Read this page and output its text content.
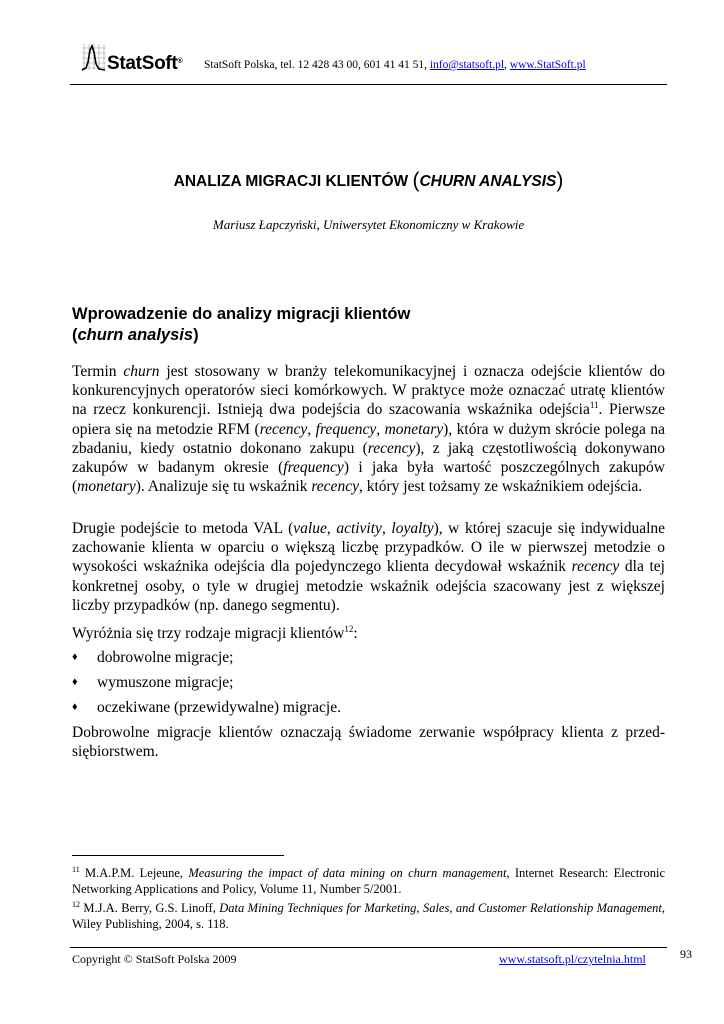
StatSoft® StatSoft Polska, tel. 12 428 43 00, 601 41 41 51, info@statsoft.pl, www.StatSoft.pl
ANALIZA MIGRACJI KLIENTÓW (CHURN ANALYSIS)
Mariusz Łapczyński, Uniwersytet Ekonomiczny w Krakowie
Wprowadzenie do analizy migracji klientów
(churn analysis)
Termin churn jest stosowany w branży telekomunikacyjnej i oznacza odejście klientów do konkurencyjnych operatorów sieci komórkowych. W praktyce może oznaczać utratę klientów na rzecz konkurencji. Istnieją dwa podejścia do szacowania wskaźnika odejścia$^{11}$. Pierwsze opiera się na metodzie RFM (recency, frequency, monetary), która w dużym skrócie polega na zbadaniu, kiedy ostatnio dokonano zakupu (recency), z jaką częstotliwością dokonywano zakupów w badanym okresie (frequency) i jaka była wartość poszczególnych zakupów (monetary). Analizuje się tu wskaźnik recency, który jest tożsamy ze wskaźnikiem odejścia.
Drugie podejście to metoda VAL (value, activity, loyalty), w której szacuje się indywidualne zachowanie klienta w oparciu o większą liczbę przypadków. O ile w pierwszej metodzie o wysokości wskaźnika odejścia dla pojedynczego klienta decydował wskaźnik recency dla tej konkretnej osoby, o tyle w drugiej metodzie wskaźnik odejścia szacowany jest z większej liczby przypadków (np. danego segmentu).
Wyróżnia się trzy rodzaje migracji klientów$^{12}$:
♦ dobrowolne migracje;
♦ wymuszone migracje;
♦ oczekiwane (przewidywalne) migracje.
Dobrowolne migracje klientów oznaczają świadome zerwanie współpracy klienta z przedsiębiorstwem.
$^{11}$ M.A.P.M. Lejeune, Measuring the impact of data mining on churn management, Internet Research: Electronic Networking Applications and Policy, Volume 11, Number 5/2001.
$^{12}$ M.J.A. Berry, G.S. Linoff, Data Mining Techniques for Marketing, Sales, and Customer Relationship Management, Wiley Publishing, 2004, s. 118.
Copyright © StatSoft Polska 2009	www.statsoft.pl/czytelnia.html	93
